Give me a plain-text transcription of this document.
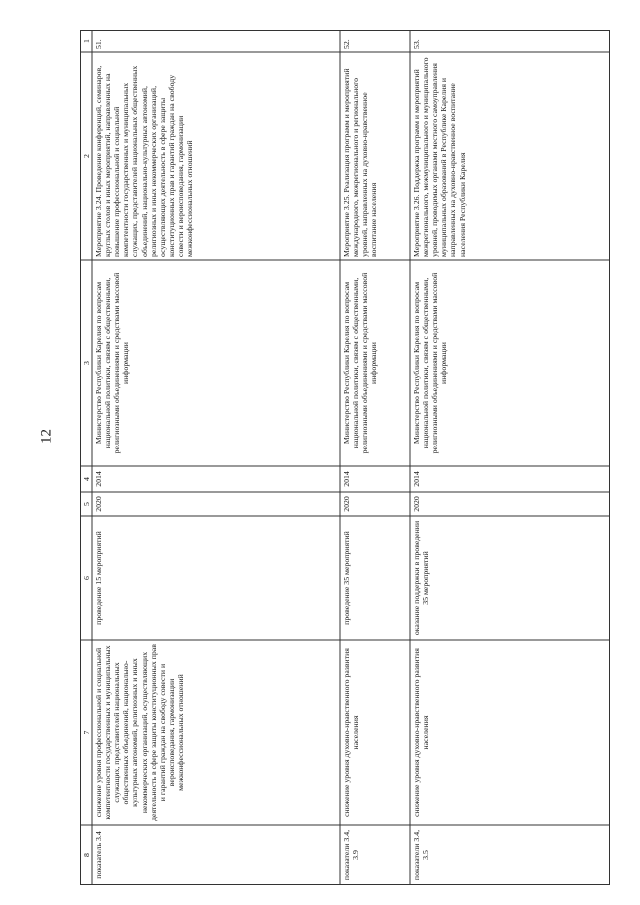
12
1
2
3
4
5
6
7
8
51.
Мероприятие 3.24. Проведение конференций, семинаров, круглых столов и иных мероприятий, направленных на повышение профессиональной и социальной компетентности государственных и муниципальных служащих, представителей национальных общественных объединений, национально-культурных автономий, религиозных и иных некоммерческих организаций, осуществляющих деятельность в сфере защиты конституционных прав и гарантий граждан на свободу совести и вероисповедания, гармонизации межконфессиональных отношений
Министерство Республики Карелия по вопросам национальной политики, связям с общественными, религиозными объединениями и средствами массовой информации
2014
2020
проведение 15 мероприятий
снижение уровня профессиональной и социальной компетентности государственных и муниципальных служащих, представителей национальных общественных объединений, национально-культурных автономий, религиозных и иных некоммерческих организаций, осуществляющих деятельность в сфере защиты конституционных прав и гарантий граждан на свободу совести и вероисповедания, гармонизации межконфессиональных отношений
показатель 3.4
52.
Мероприятие 3.25. Реализация программ и мероприятий международного, межрегионального и регионального уровней, направленных на духовно-нравственное воспитание населения
Министерство Республики Карелия по вопросам национальной политики, связям с общественными, религиозными объединениями и средствами массовой информации
2014
2020
проведение 35 мероприятий
снижение уровня духовно-нравственного развития населения
показатели 3.4, 3.9
53.
Мероприятие 3.26. Поддержка программ и мероприятий межрегионального, межмуниципального и муниципального уровней, проводимых органами местного самоуправления муниципальных образований в Республике Карелия и направленных на духовно-нравственное воспитание населения Республики Карелия
Министерство Республики Карелия по вопросам национальной политики, связям с общественными, религиозными объединениями и средствами массовой информации
2014
2020
оказание поддержки в проведении 35 мероприятий
снижение уровня духовно-нравственного развития населения
показатели 3.4, 3.5
